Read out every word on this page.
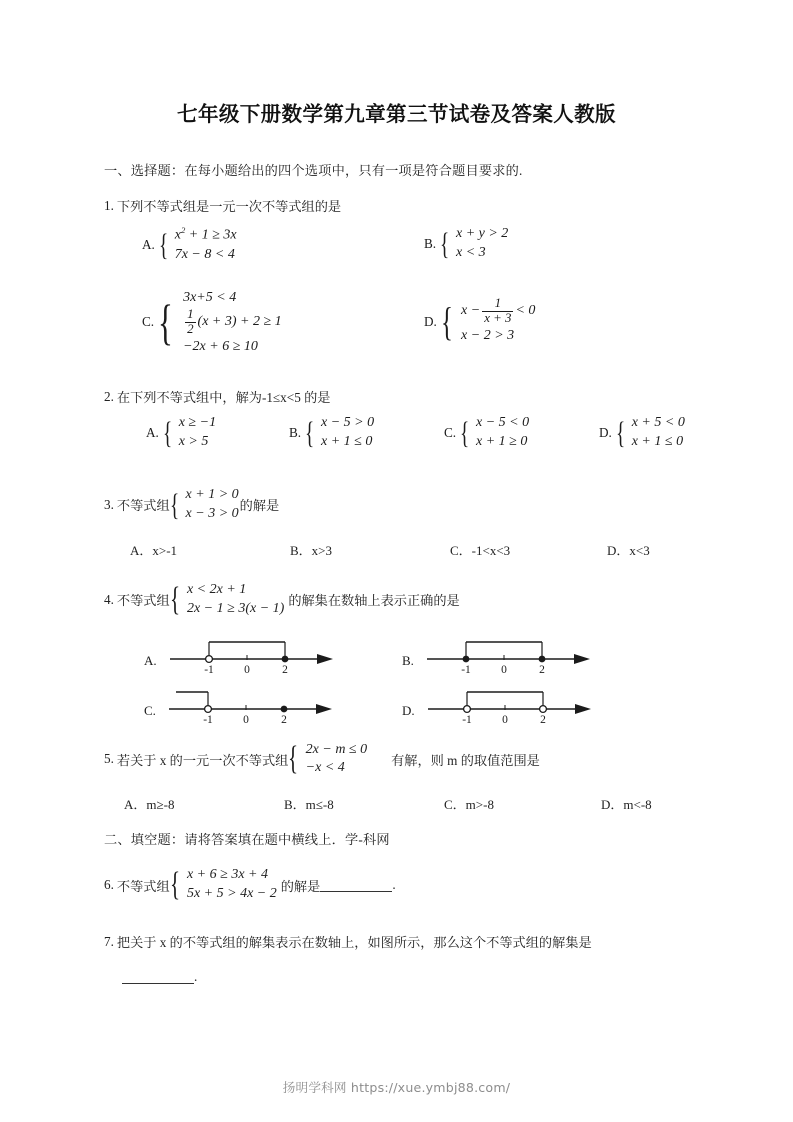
七年级下册数学第九章第三节试卷及答案人教版
一、选择题：在每小题给出的四个选项中，只有一项是符合题目要求的.
1. 下列不等式组是一元一次不等式组的是
A. { $x^2 + 1 \ge 3x$
7x − 8 < 4
B. { x + y > 2
x < 3
C. { 3x+5 < 4
$\frac{1}{2} (x + 3) + 2 \ge 1$
−2x + 6 ≥ 10
D. { $x - \frac{1}{x + 3} < 0$
x − 2 > 3
2. 在下列不等式组中，解为-1≤x<5 的是
A. { x ≥ −1
x > 5
B. { x − 5 > 0
x + 1 ≤ 0
C. { x − 5 < 0
x + 1 ≥ 0
D. { x + 5 < 0
x + 1 ≤ 0
3. 不等式组 { x + 1 > 0
x − 3 > 0 的解是
A．x>-1	B．x>3	C．-1<x<3	D．x<3
4. 不等式组 { x < 2x + 1
2x − 1 ≥ 3(x − 1) 的解集在数轴上表示正确的是
A.
-1	0	2
B.
-1	0	2
C.
-1	0	2
D.
-1	0	2
5. 若关于 x 的一元一次不等式组 { 2x − m ≤ 0
−x < 4	有解，则 m 的取值范围是
A．m≥-8	B．m≤-8	C．m>-8	D．m<-8
二、填空题：请将答案填在题中横线上．学-科网
6. 不等式组 { x + 6 ≥ 3x + 4
5x + 5 > 4x − 2 的解是	.
7. 把关于 x 的不等式组的解集表示在数轴上，如图所示，那么这个不等式组的解集是
.
扬明学科网 https://xue.ymbj88.com/
